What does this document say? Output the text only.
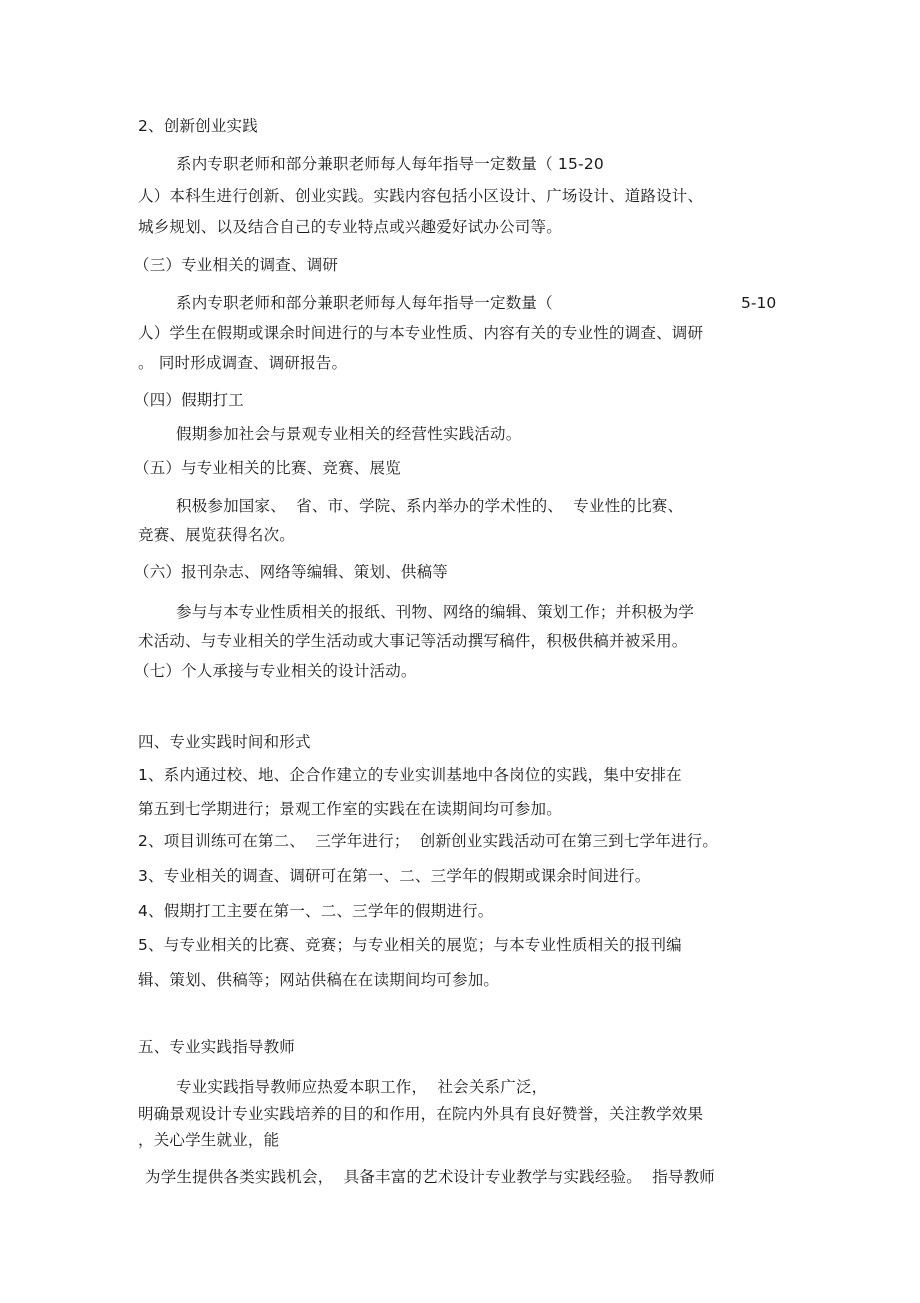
2、创新创业实践
系内专职老师和部分兼职老师每人每年指导一定数量（ 15-20
人）本科生进行创新、创业实践。实践内容包括小区设计、广场设计、道路设计、
城乡规划、以及结合自己的专业特点或兴趣爱好试办公司等。
（三）专业相关的调查、调研
系内专职老师和部分兼职老师每人每年指导一定数量（	5-10
人）学生在假期或课余时间进行的与本专业性质、内容有关的专业性的调查、调研
。 同时形成调查、调研报告。
（四）假期打工
假期参加社会与景观专业相关的经营性实践活动。
（五）与专业相关的比赛、竞赛、展览
积极参加国家、  省、市、学院、系内举办的学术性的、  专业性的比赛、
竞赛、展览获得名次。
（六）报刊杂志、网络等编辑、策划、供稿等
参与与本专业性质相关的报纸、刊物、网络的编辑、策划工作；并积极为学
术活动、与专业相关的学生活动或大事记等活动撰写稿件，积极供稿并被采用。
（七）个人承接与专业相关的设计活动。
四、专业实践时间和形式
1、系内通过校、地、企合作建立的专业实训基地中各岗位的实践，集中安排在
第五到七学期进行；景观工作室的实践在在读期间均可参加。
2、项目训练可在第二、  三学年进行；  创新创业实践活动可在第三到七学年进行。
3、专业相关的调查、调研可在第一、二、三学年的假期或课余时间进行。
4、假期打工主要在第一、二、三学年的假期进行。
5、与专业相关的比赛、竞赛；与专业相关的展览；与本专业性质相关的报刊编
辑、策划、供稿等；网站供稿在在读期间均可参加。
五、专业实践指导教师
专业实践指导教师应热爱本职工作，  社会关系广泛，
明确景观设计专业实践培养的目的和作用，在院内外具有良好赞誉，关注教学效果
，关心学生就业，能
为学生提供各类实践机会，  具备丰富的艺术设计专业教学与实践经验。  指导教师
